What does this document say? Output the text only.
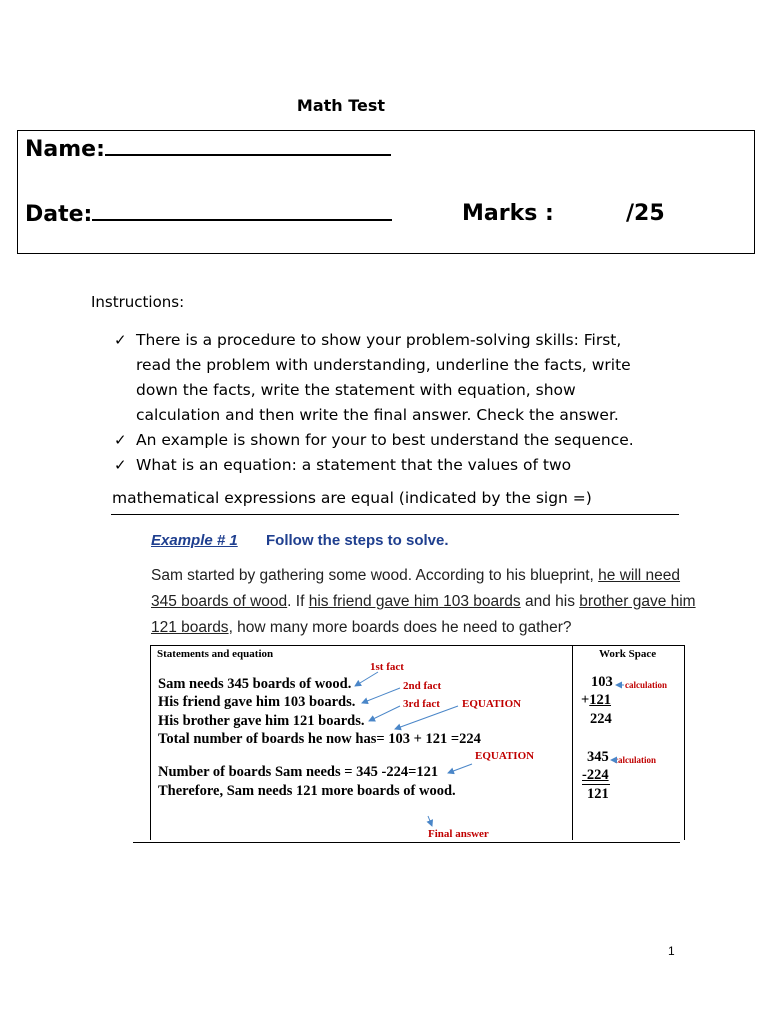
Math Test
Name:
Date:	Marks :	/25
Instructions:
✓ There is a procedure to show your problem-solving skills: First,
read the problem with understanding, underline the facts, write
down the facts, write the statement with equation, show
calculation and then write the final answer. Check the answer.
✓ An example is shown for your to best understand the sequence.
✓ What is an equation: a statement that the values of two
mathematical expressions are equal (indicated by the sign =)
Example # 1 Follow the steps to solve.
Sam started by gathering some wood. According to his blueprint, he will need 345 boards of wood. If his friend gave him 103 boards and his brother gave him 121 boards, how many more boards does he need to gather?
Statements and equation	Work Space
1st fact
2nd fact
3rd fact EQUATION
EQUATION
Final answer
Sam needs 345 boards of wood.
His friend gave him 103 boards.
His brother gave him 121 boards.
Total number of boards he now has= 103 + 121 =224
Number of boards Sam needs = 345 -224=121
Therefore, Sam needs 121 more boards of wood.
103
+121
224
calculation
345
-224
121
calculation
1
